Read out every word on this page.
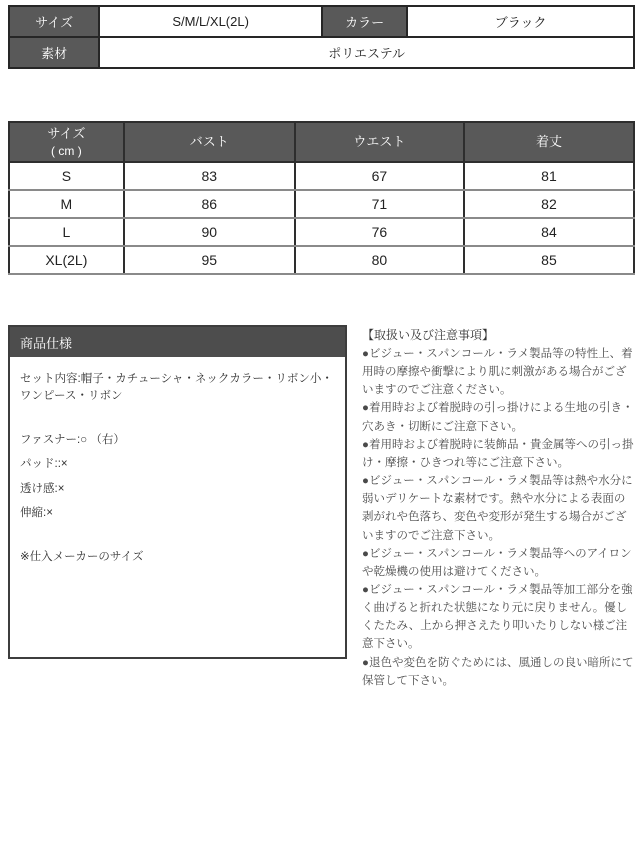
サイズ	S/M/L/XL(2L)	カラー	ブラック
素材	ポリエステル		
サイズ
( cm )	バスト	ウエスト	着丈
S	83	67	81
M	86	71	82
L	90	76	84
XL(2L)	95	80	85
商品仕様

セット内容:帽子・カチューシャ・ネックカラー・リボン小・ワンピース・リボン

ファスナー:○ （右）

パッド::×

透け感:×

伸縮:×

※仕入メーカーのサイズ

【取扱い及び注意事項】

●ビジュー・スパンコール・ラメ製品等の特性上、着用時の摩擦や衝撃により肌に刺激がある場合がございますのでご注意ください。

●着用時および着脱時の引っ掛けによる生地の引き・穴あき・切断にご注意下さい。

●着用時および着脱時に装飾品・貴金属等への引っ掛け・摩擦・ひきつれ等にご注意下さい。

●ビジュー・スパンコール・ラメ製品等は熱や水分に弱いデリケートな素材です。熱や水分による表面の剥がれや色落ち、変色や変形が発生する場合がございますのでご注意下さい。

●ビジュー・スパンコール・ラメ製品等へのアイロンや乾燥機の使用は避けてください。

●ビジュー・スパンコール・ラメ製品等加工部分を強く曲げると折れた状態になり元に戻りません。優しくたたみ、上から押さえたり叩いたりしない様ご注意下さい。

●退色や変色を防ぐためには、風通しの良い暗所にて保管して下さい。
